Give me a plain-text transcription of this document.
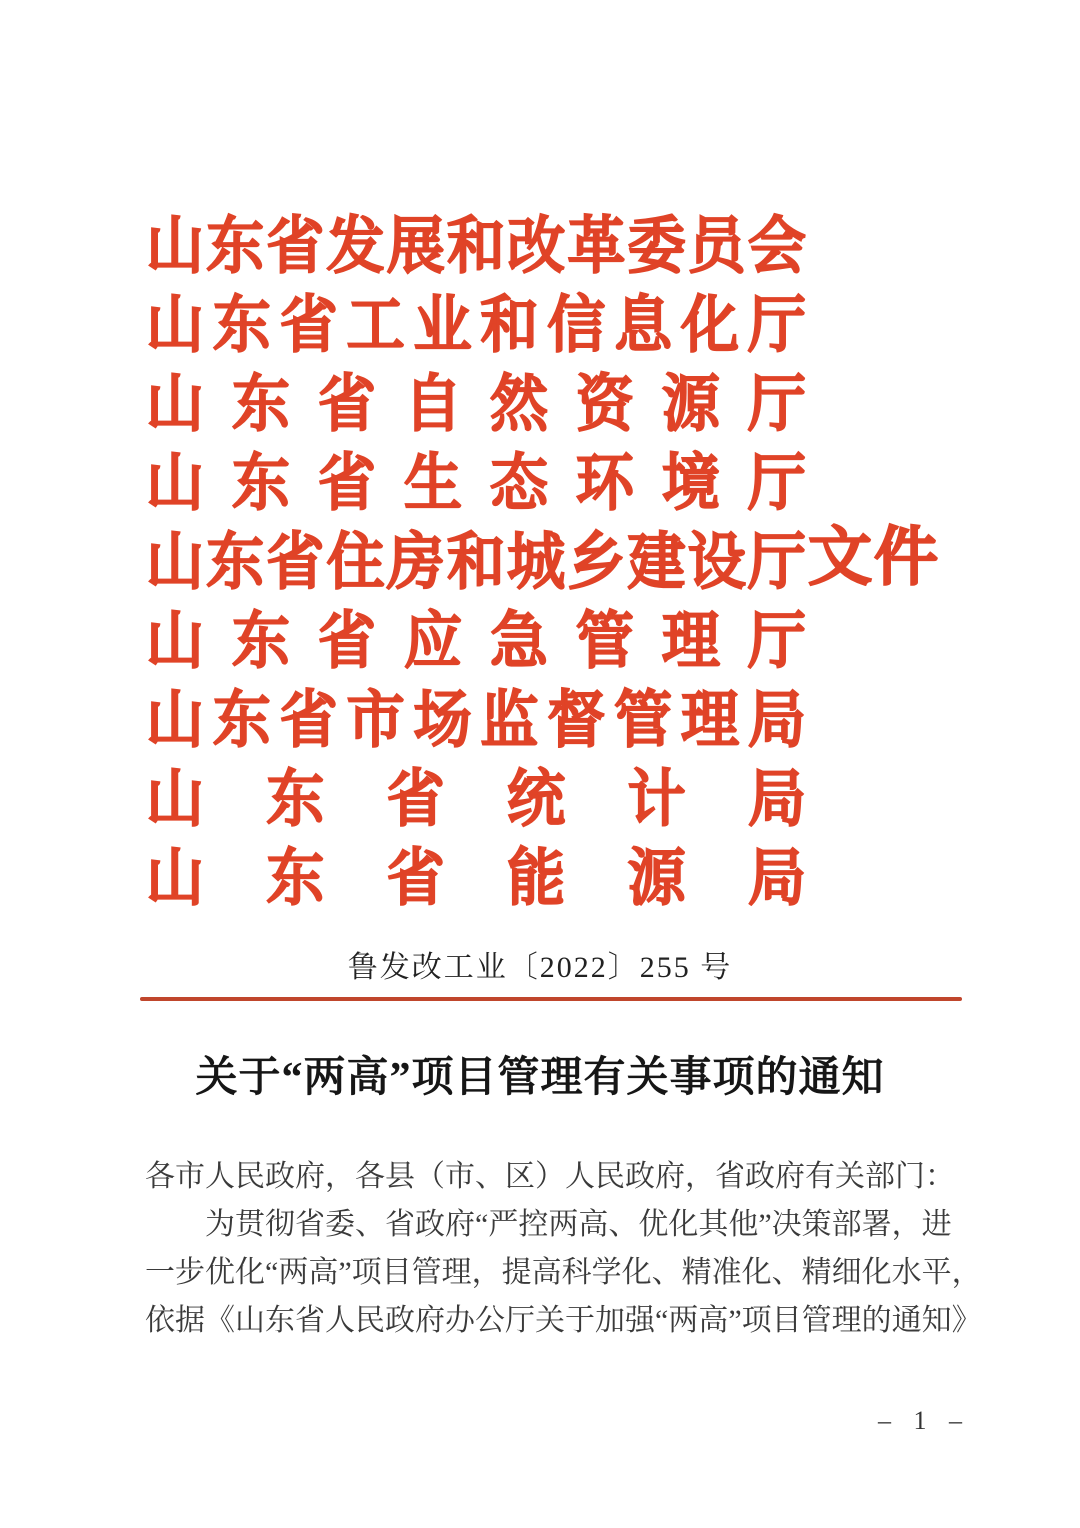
山 东 省 发 展 和 改 革 委 员 会
山 东 省 工 业 和 信 息 化 厅
山 东 省 自 然 资 源 厅
山 东 省 生 态 环 境 厅
山 东 省 住 房 和 城 乡 建 设 厅
山 东 省 应 急 管 理 厅
山 东 省 市 场 监 督 管 理 局
山 东 省 统 计 局
山 东 省 能 源 局
文 件
鲁发改工业〔2022〕255 号
关于“两高”项目管理有关事项的通知
各市人民政府，各县（市、区）人民政府，省政府有关部门：
为贯彻省委、省政府“严控两高、优化其他”决策部署，进
一步优化“两高”项目管理，提高科学化、精准化、精细化水平，
依据《山东省人民政府办公厅关于加强“两高”项目管理的通知》
– 1 –
